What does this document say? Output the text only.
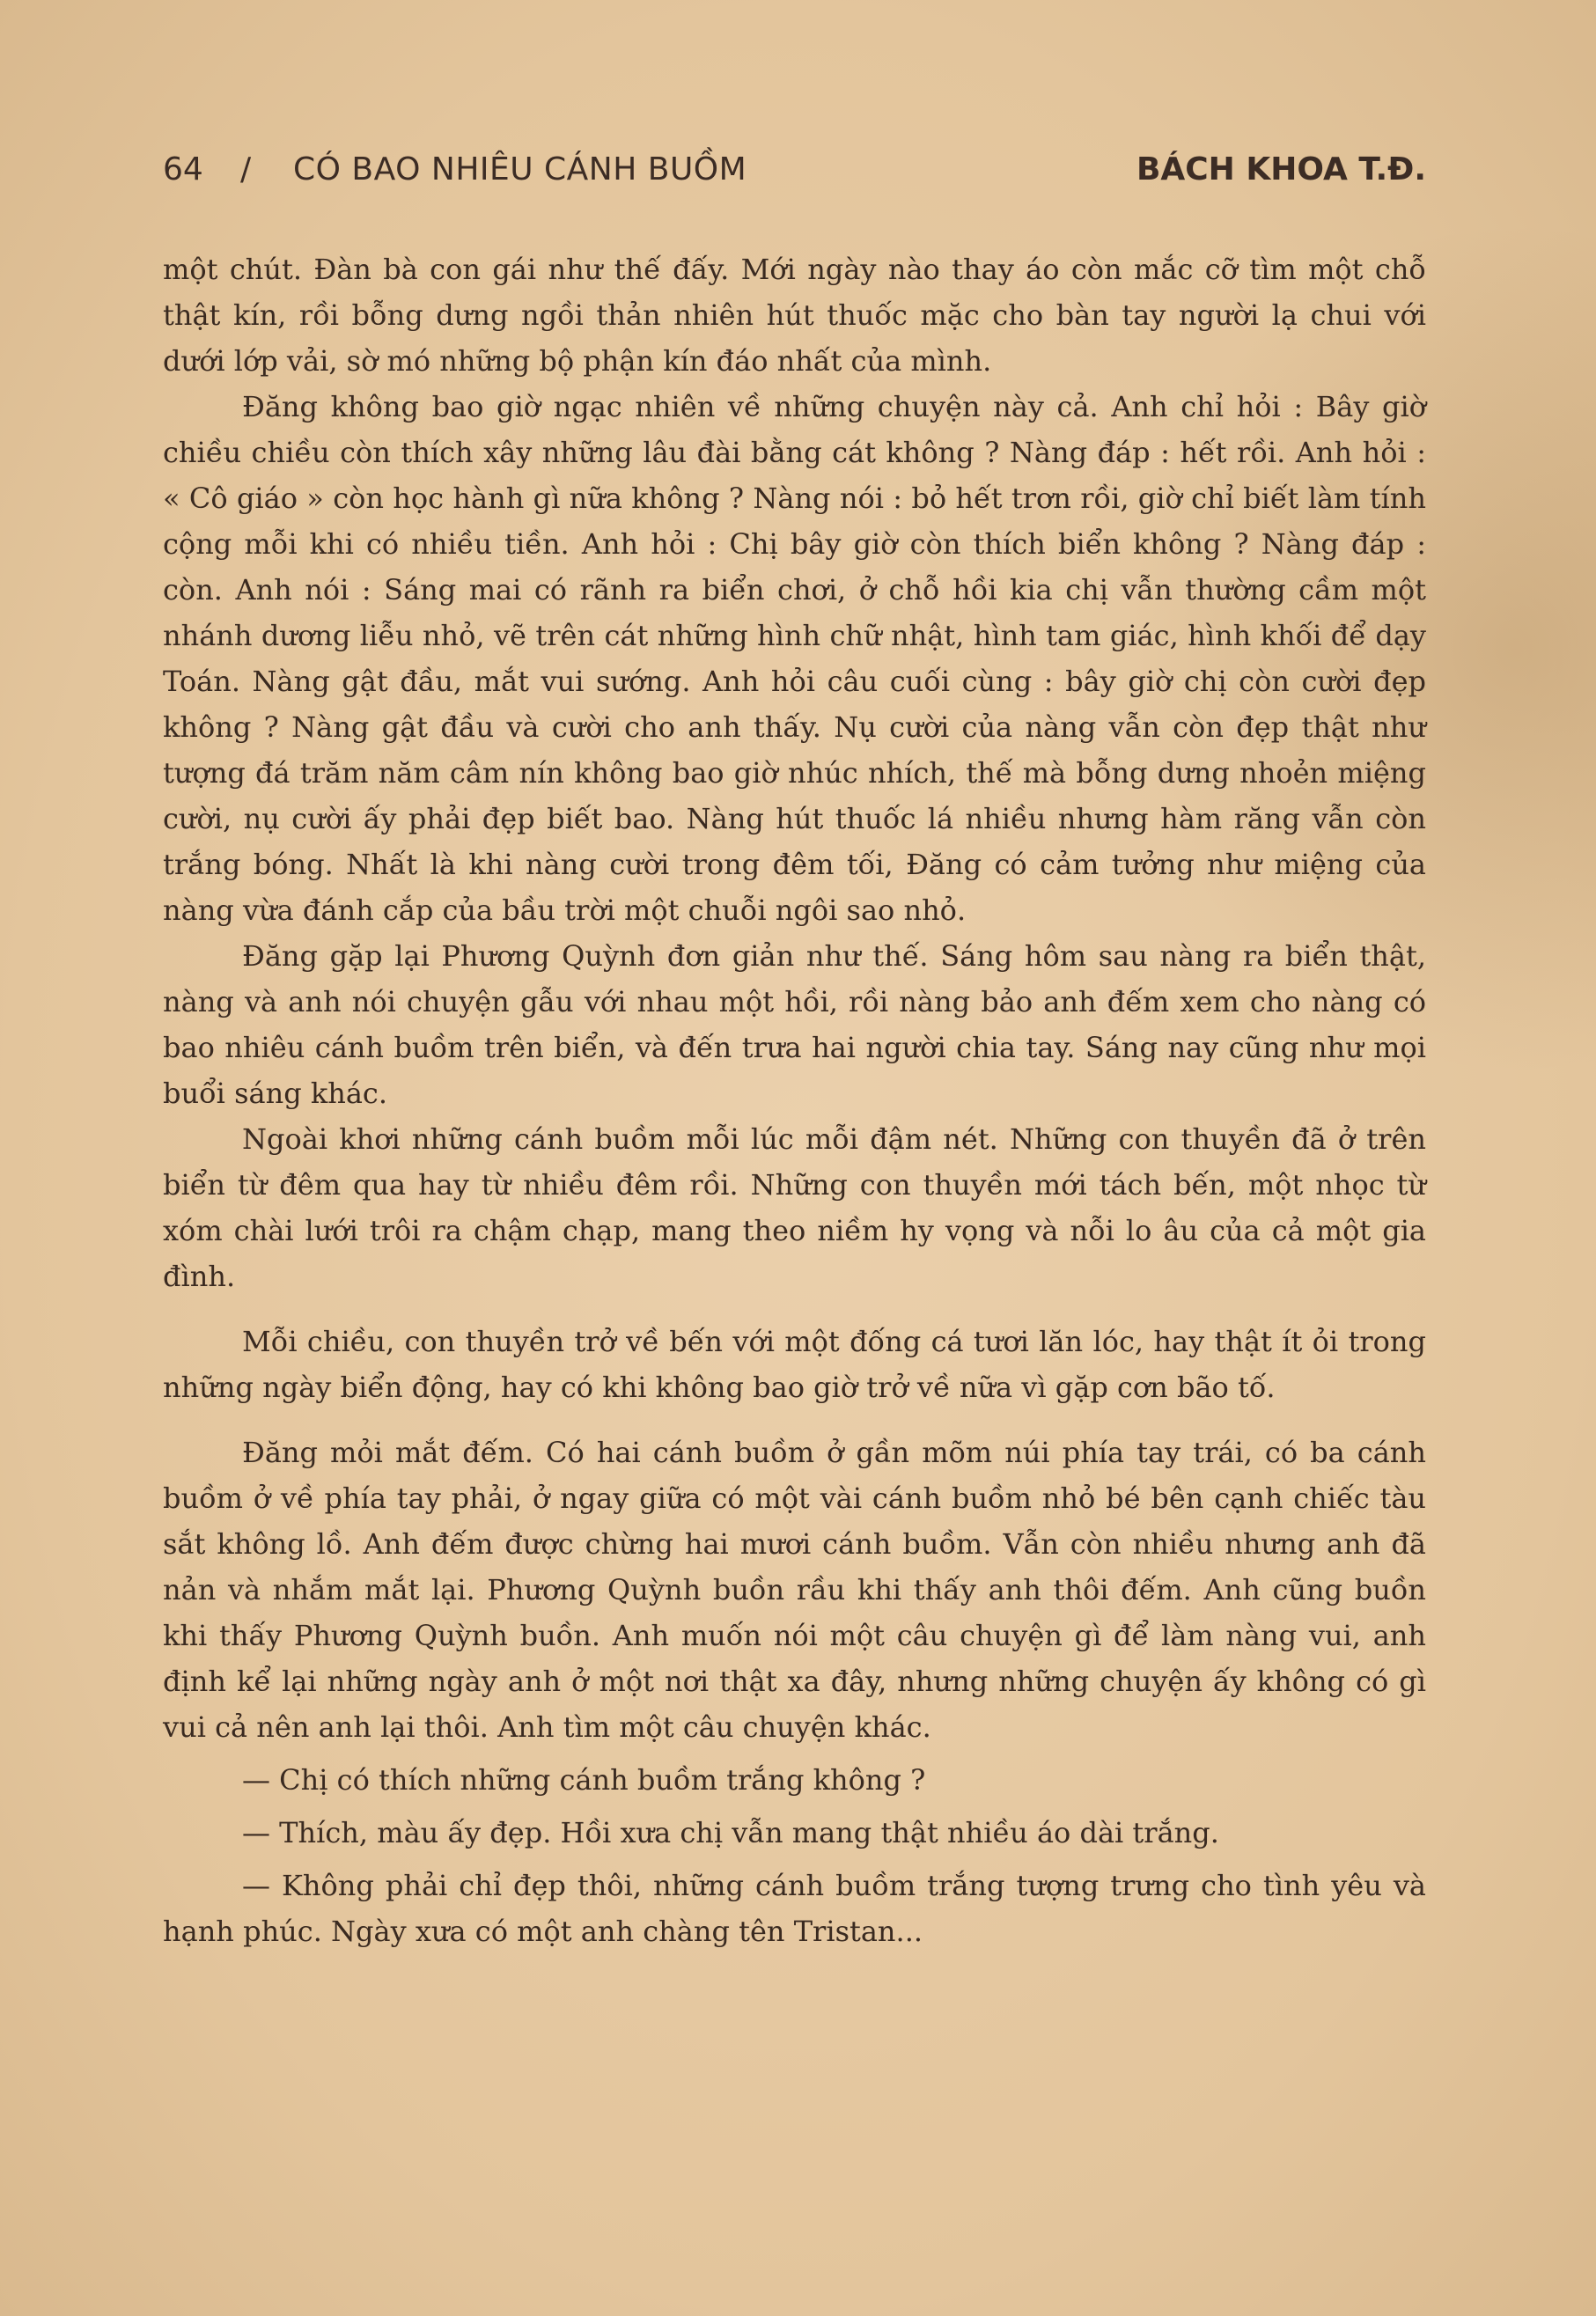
64 / CÓ BAO NHIÊU CÁNH BUỒM	BÁCH KHOA T.Đ.

một chút. Đàn bà con gái như thế đấy. Mới ngày nào thay áo còn mắc cỡ tìm một chỗ thật kín, rồi bỗng dưng ngồi thản nhiên hút thuốc mặc cho bàn tay người lạ chui với dưới lớp vải, sờ mó những bộ phận kín đáo nhất của mình.

Đăng không bao giờ ngạc nhiên về những chuyện này cả. Anh chỉ hỏi : Bây giờ chiều chiều còn thích xây những lâu đài bằng cát không ? Nàng đáp : hết rồi. Anh hỏi : « Cô giáo » còn học hành gì nữa không ? Nàng nói : bỏ hết trơn rồi, giờ chỉ biết làm tính cộng mỗi khi có nhiều tiền. Anh hỏi : Chị bây giờ còn thích biển không ? Nàng đáp : còn. Anh nói : Sáng mai có rãnh ra biển chơi, ở chỗ hồi kia chị vẫn thường cầm một nhánh dương liễu nhỏ, vẽ trên cát những hình chữ nhật, hình tam giác, hình khối để dạy Toán. Nàng gật đầu, mắt vui sướng. Anh hỏi câu cuối cùng : bây giờ chị còn cười đẹp không ? Nàng gật đầu và cười cho anh thấy. Nụ cười của nàng vẫn còn đẹp thật như tượng đá trăm năm câm nín không bao giờ nhúc nhích, thế mà bỗng dưng nhoẻn miệng cười, nụ cười ấy phải đẹp biết bao. Nàng hút thuốc lá nhiều nhưng hàm răng vẫn còn trắng bóng. Nhất là khi nàng cười trong đêm tối, Đăng có cảm tưởng như miệng của nàng vừa đánh cắp của bầu trời một chuỗi ngôi sao nhỏ.

Đăng gặp lại Phương Quỳnh đơn giản như thế. Sáng hôm sau nàng ra biển thật, nàng và anh nói chuyện gẫu với nhau một hồi, rồi nàng bảo anh đếm xem cho nàng có bao nhiêu cánh buồm trên biển, và đến trưa hai người chia tay. Sáng nay cũng như mọi buổi sáng khác.

Ngoài khơi những cánh buồm mỗi lúc mỗi đậm nét. Những con thuyền đã ở trên biển từ đêm qua hay từ nhiều đêm rồi. Những con thuyền mới tách bến, một nhọc từ xóm chài lưới trôi ra chậm chạp, mang theo niềm hy vọng và nỗi lo âu của cả một gia đình.

Mỗi chiều, con thuyền trở về bến với một đống cá tươi lăn lóc, hay thật ít ỏi trong những ngày biển động, hay có khi không bao giờ trở về nữa vì gặp cơn bão tố.

Đăng mỏi mắt đếm. Có hai cánh buồm ở gần mõm núi phía tay trái, có ba cánh buồm ở về phía tay phải, ở ngay giữa có một vài cánh buồm nhỏ bé bên cạnh chiếc tàu sắt không lồ. Anh đếm được chừng hai mươi cánh buồm. Vẫn còn nhiều nhưng anh đã nản và nhắm mắt lại. Phương Quỳnh buồn rầu khi thấy anh thôi đếm. Anh cũng buồn khi thấy Phương Quỳnh buồn. Anh muốn nói một câu chuyện gì để làm nàng vui, anh định kể lại những ngày anh ở một nơi thật xa đây, nhưng những chuyện ấy không có gì vui cả nên anh lại thôi. Anh tìm một câu chuyện khác.

— Chị có thích những cánh buồm trắng không ?

— Thích, màu ấy đẹp. Hồi xưa chị vẫn mang thật nhiều áo dài trắng.

— Không phải chỉ đẹp thôi, những cánh buồm trắng tượng trưng cho tình yêu và hạnh phúc. Ngày xưa có một anh chàng tên Tristan...
